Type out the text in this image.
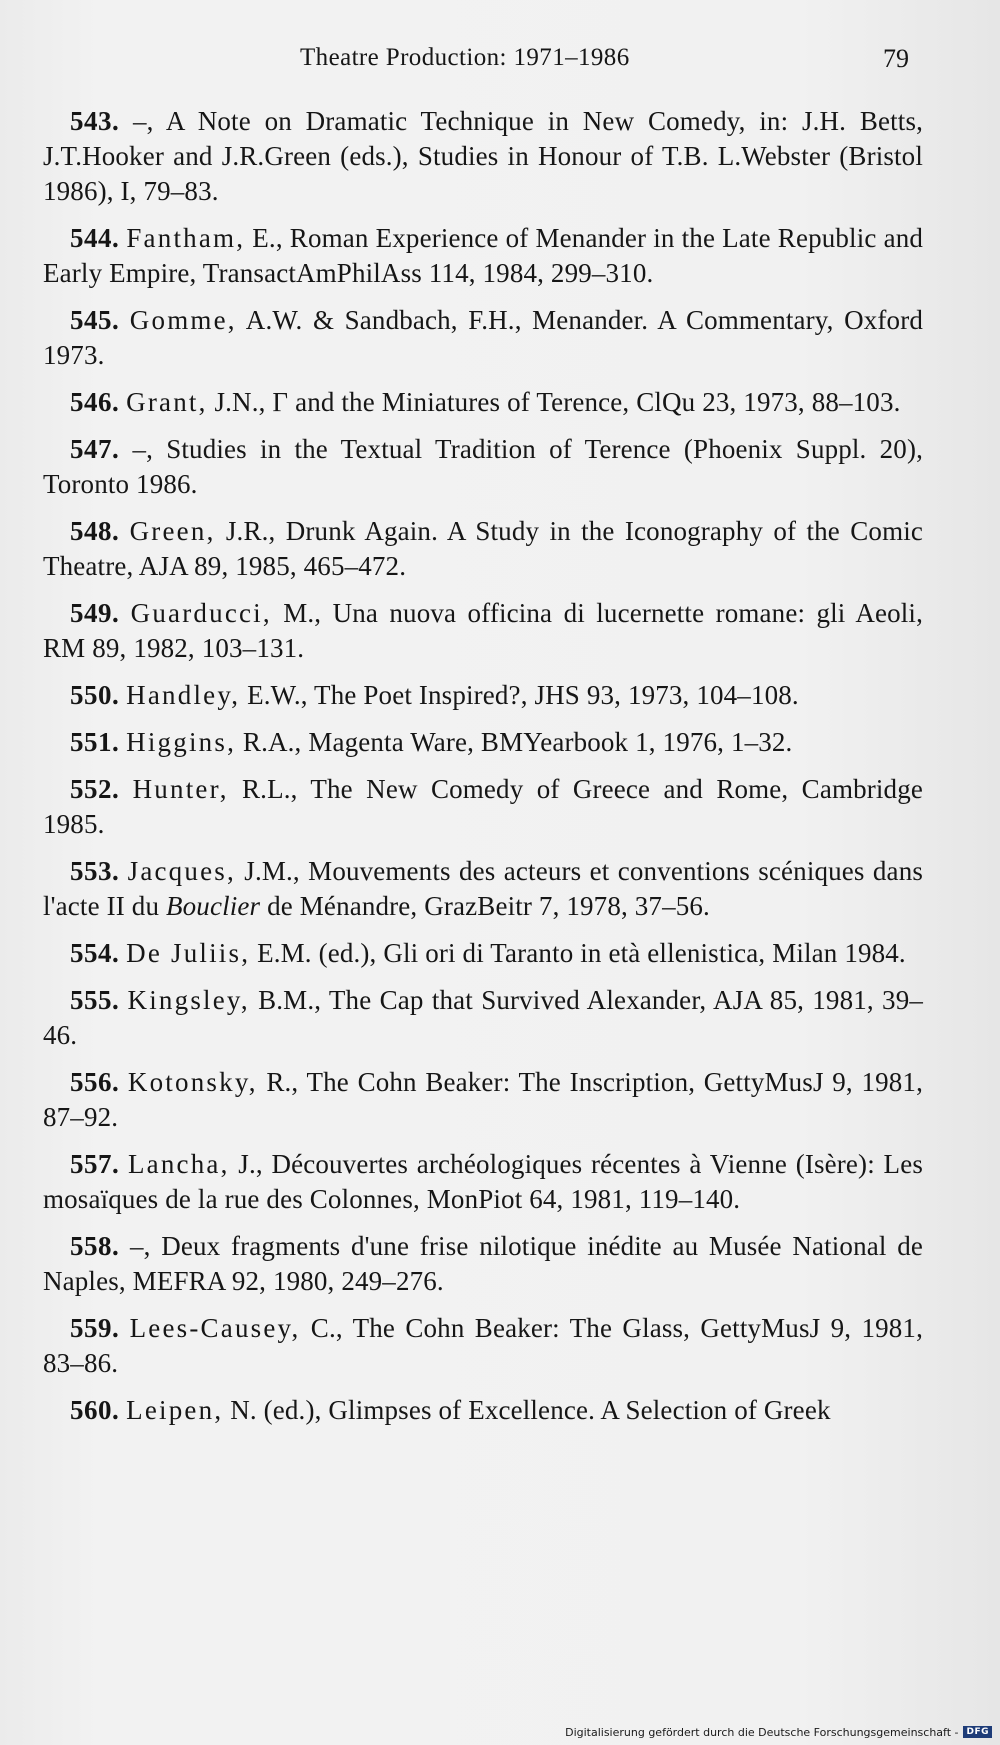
Theatre Production: 1971–1986	79

543. –, A Note on Dramatic Technique in New Comedy, in: J.H. Betts, J.T.Hooker and J.R.Green (eds.), Studies in Honour of T.B. L.Webster (Bristol 1986), I, 79–83.

544. Fantham, E., Roman Experience of Menander in the Late Republic and Early Empire, TransactAmPhilAss 114, 1984, 299–310.

545. Gomme, A.W. & Sandbach, F.H., Menander. A Commentary, Oxford 1973.

546. Grant, J.N., Γ and the Miniatures of Terence, ClQu 23, 1973, 88–103.

547. –, Studies in the Textual Tradition of Terence (Phoenix Suppl. 20), Toronto 1986.

548. Green, J.R., Drunk Again. A Study in the Iconography of the Comic Theatre, AJA 89, 1985, 465–472.

549. Guarducci, M., Una nuova officina di lucernette romane: gli Aeoli, RM 89, 1982, 103–131.

550. Handley, E.W., The Poet Inspired?, JHS 93, 1973, 104–108.

551. Higgins, R.A., Magenta Ware, BMYearbook 1, 1976, 1–32.

552. Hunter, R.L., The New Comedy of Greece and Rome, Cambridge 1985.

553. Jacques, J.M., Mouvements des acteurs et conventions scéniques dans l'acte II du Bouclier de Ménandre, GrazBeitr 7, 1978, 37–56.

554. De Juliis, E.M. (ed.), Gli ori di Taranto in età ellenistica, Milan 1984.

555. Kingsley, B.M., The Cap that Survived Alexander, AJA 85, 1981, 39–46.

556. Kotonsky, R., The Cohn Beaker: The Inscription, GettyMusJ 9, 1981, 87–92.

557. Lancha, J., Découvertes archéologiques récentes à Vienne (Isère): Les mosaïques de la rue des Colonnes, MonPiot 64, 1981, 119–140.

558. –, Deux fragments d'une frise nilotique inédite au Musée National de Naples, MEFRA 92, 1980, 249–276.

559. Lees-Causey, C., The Cohn Beaker: The Glass, GettyMusJ 9, 1981, 83–86.

560. Leipen, N. (ed.), Glimpses of Excellence. A Selection of Greek

Digitalisierung gefördert durch die Deutsche Forschungsgemeinschaft - DFG
